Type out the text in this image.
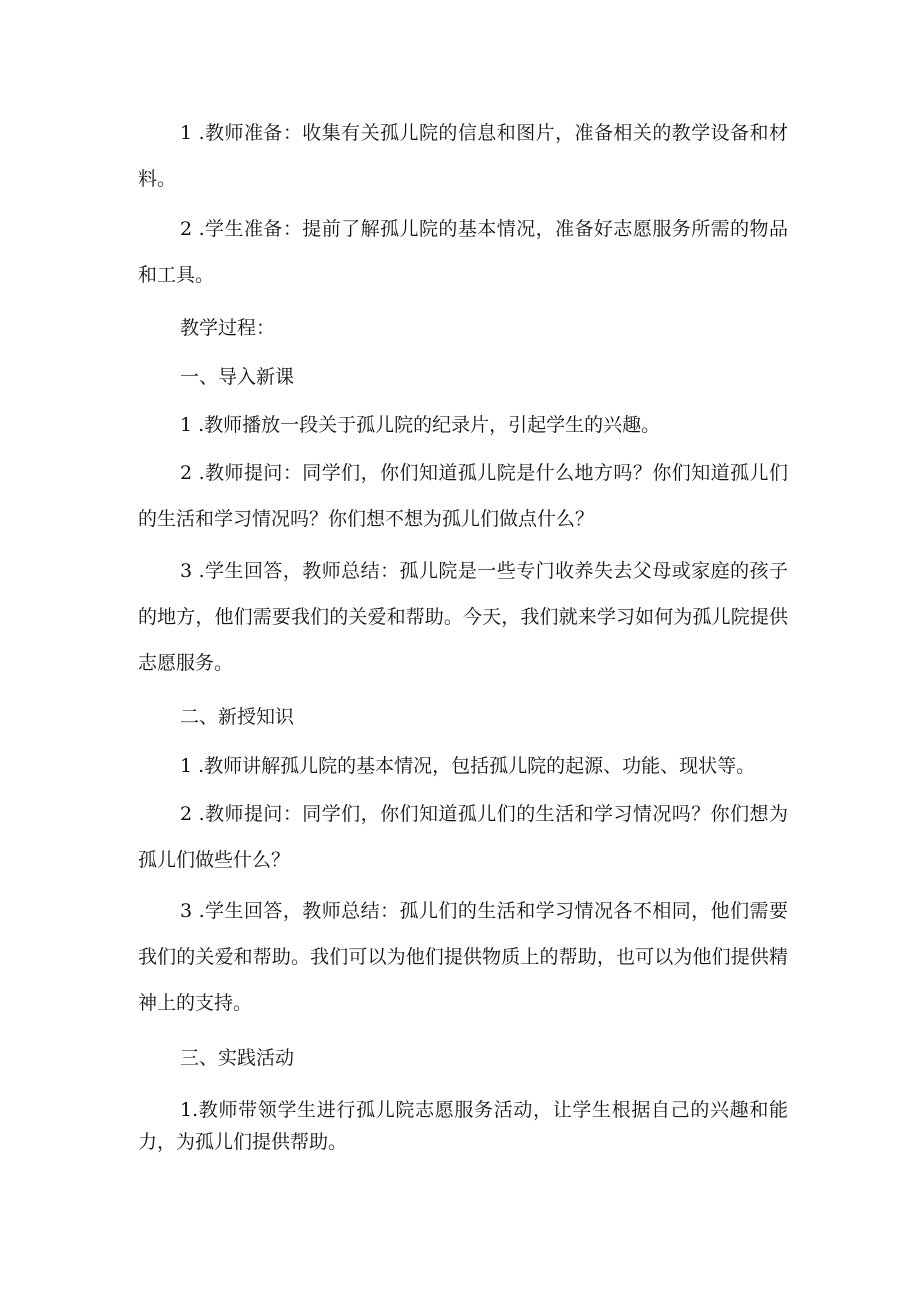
1 .教师准备：收集有关孤儿院的信息和图片，准备相关的教学设备和材料。

2 .学生准备：提前了解孤儿院的基本情况，准备好志愿服务所需的物品和工具。

教学过程：

一、导入新课

1 .教师播放一段关于孤儿院的纪录片，引起学生的兴趣。

2 .教师提问：同学们，你们知道孤儿院是什么地方吗？你们知道孤儿们的生活和学习情况吗？你们想不想为孤儿们做点什么？

3 .学生回答，教师总结：孤儿院是一些专门收养失去父母或家庭的孩子的地方，他们需要我们的关爱和帮助。今天，我们就来学习如何为孤儿院提供志愿服务。

二、新授知识

1 .教师讲解孤儿院的基本情况，包括孤儿院的起源、功能、现状等。

2 .教师提问：同学们，你们知道孤儿们的生活和学习情况吗？你们想为孤儿们做些什么？

3 .学生回答，教师总结：孤儿们的生活和学习情况各不相同，他们需要我们的关爱和帮助。我们可以为他们提供物质上的帮助，也可以为他们提供精神上的支持。

三、实践活动

1.教师带领学生进行孤儿院志愿服务活动，让学生根据自己的兴趣和能力，为孤儿们提供帮助。
